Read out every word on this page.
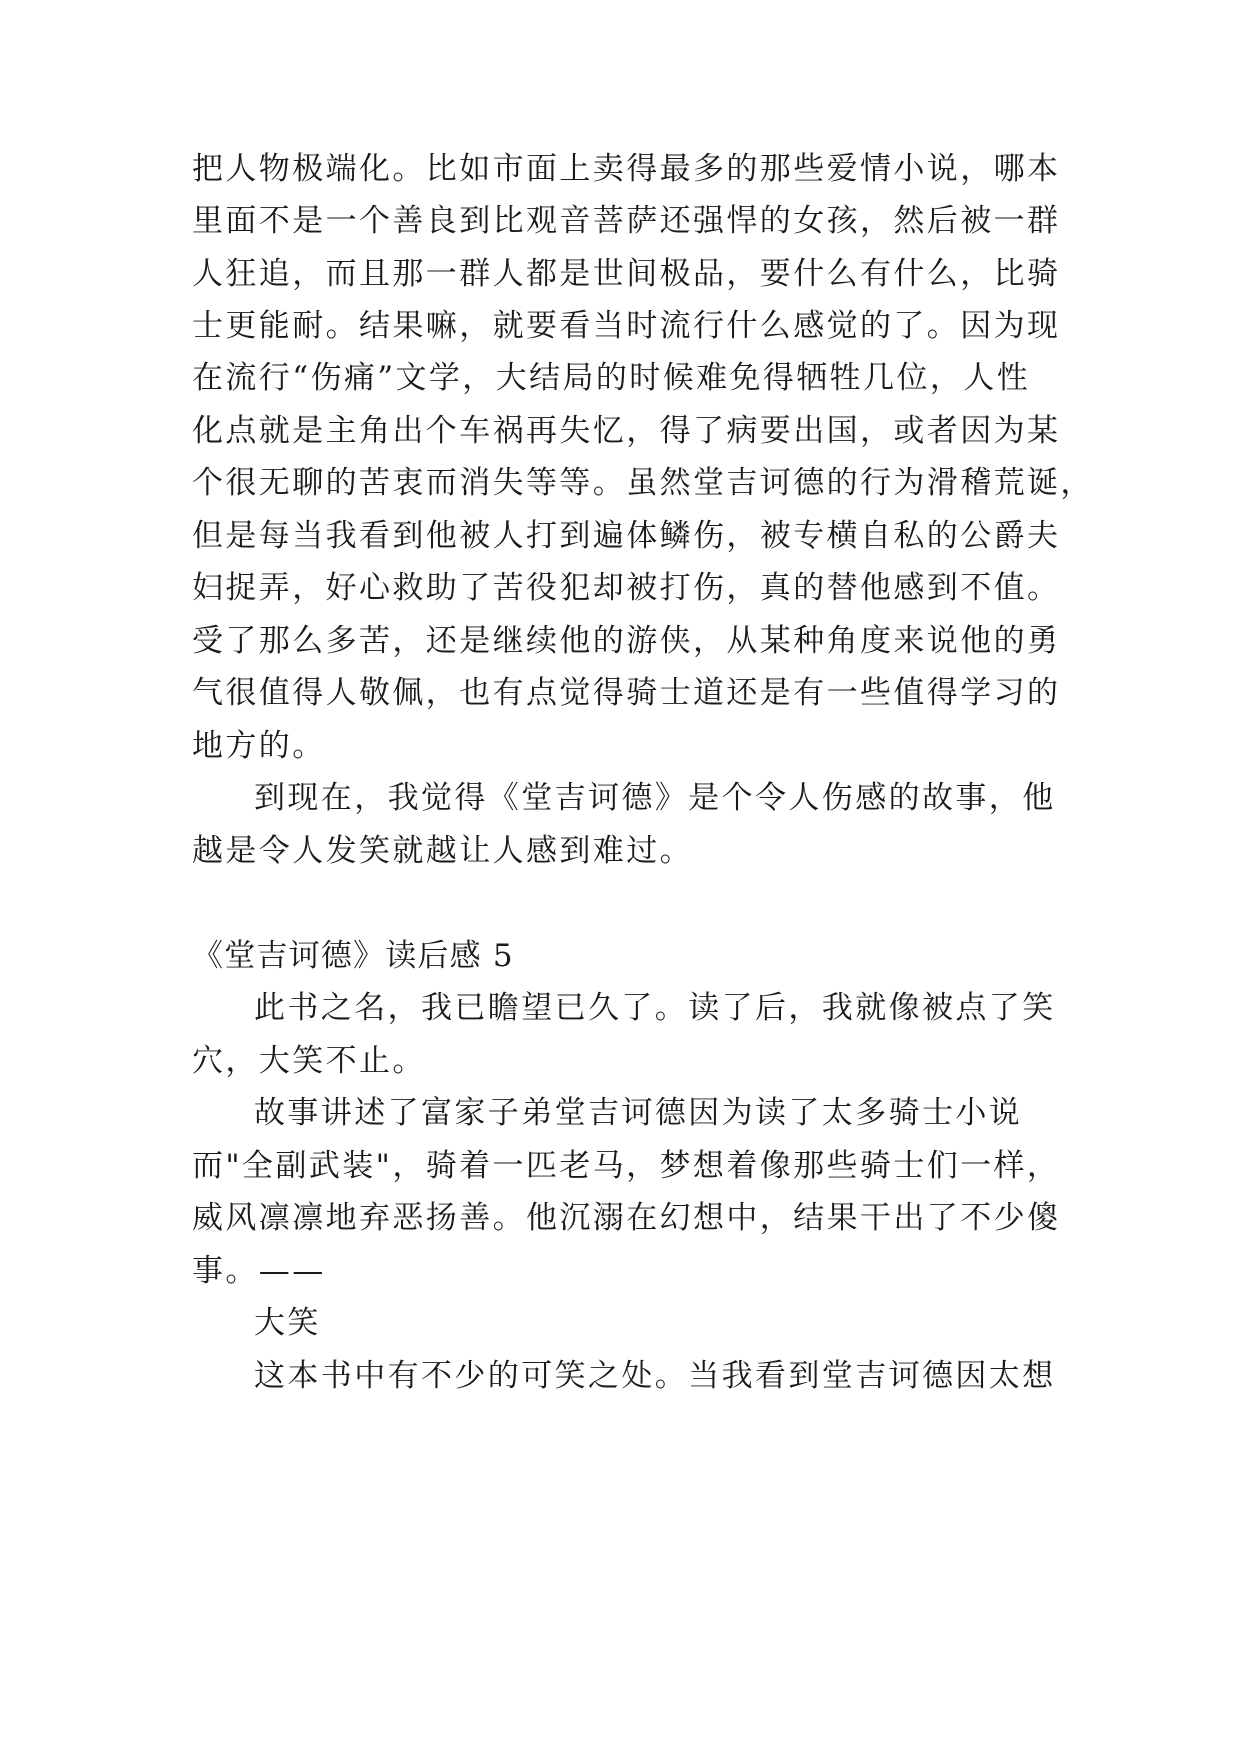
把人物极端化。比如市面上卖得最多的那些爱情小说，哪本
里面不是一个善良到比观音菩萨还强悍的女孩，然后被一群
人狂追，而且那一群人都是世间极品，要什么有什么，比骑
士更能耐。结果嘛，就要看当时流行什么感觉的了。因为现
在流行“伤痛”文学，大结局的时候难免得牺牲几位，人性
化点就是主角出个车祸再失忆，得了病要出国，或者因为某
个很无聊的苦衷而消失等等。虽然堂吉诃德的行为滑稽荒诞，
但是每当我看到他被人打到遍体鳞伤，被专横自私的公爵夫
妇捉弄，好心救助了苦役犯却被打伤，真的替他感到不值。
受了那么多苦，还是继续他的游侠，从某种角度来说他的勇
气很值得人敬佩，也有点觉得骑士道还是有一些值得学习的
地方的。
到现在，我觉得《堂吉诃德》是个令人伤感的故事，他
越是令人发笑就越让人感到难过。
《堂吉诃德》读后感 5
此书之名，我已瞻望已久了。读了后，我就像被点了笑
穴，大笑不止。
故事讲述了富家子弟堂吉诃德因为读了太多骑士小说
而"全副武装"，骑着一匹老马，梦想着像那些骑士们一样，
威风凛凛地弃恶扬善。他沉溺在幻想中，结果干出了不少傻
事。——
大笑
这本书中有不少的可笑之处。当我看到堂吉诃德因太想
